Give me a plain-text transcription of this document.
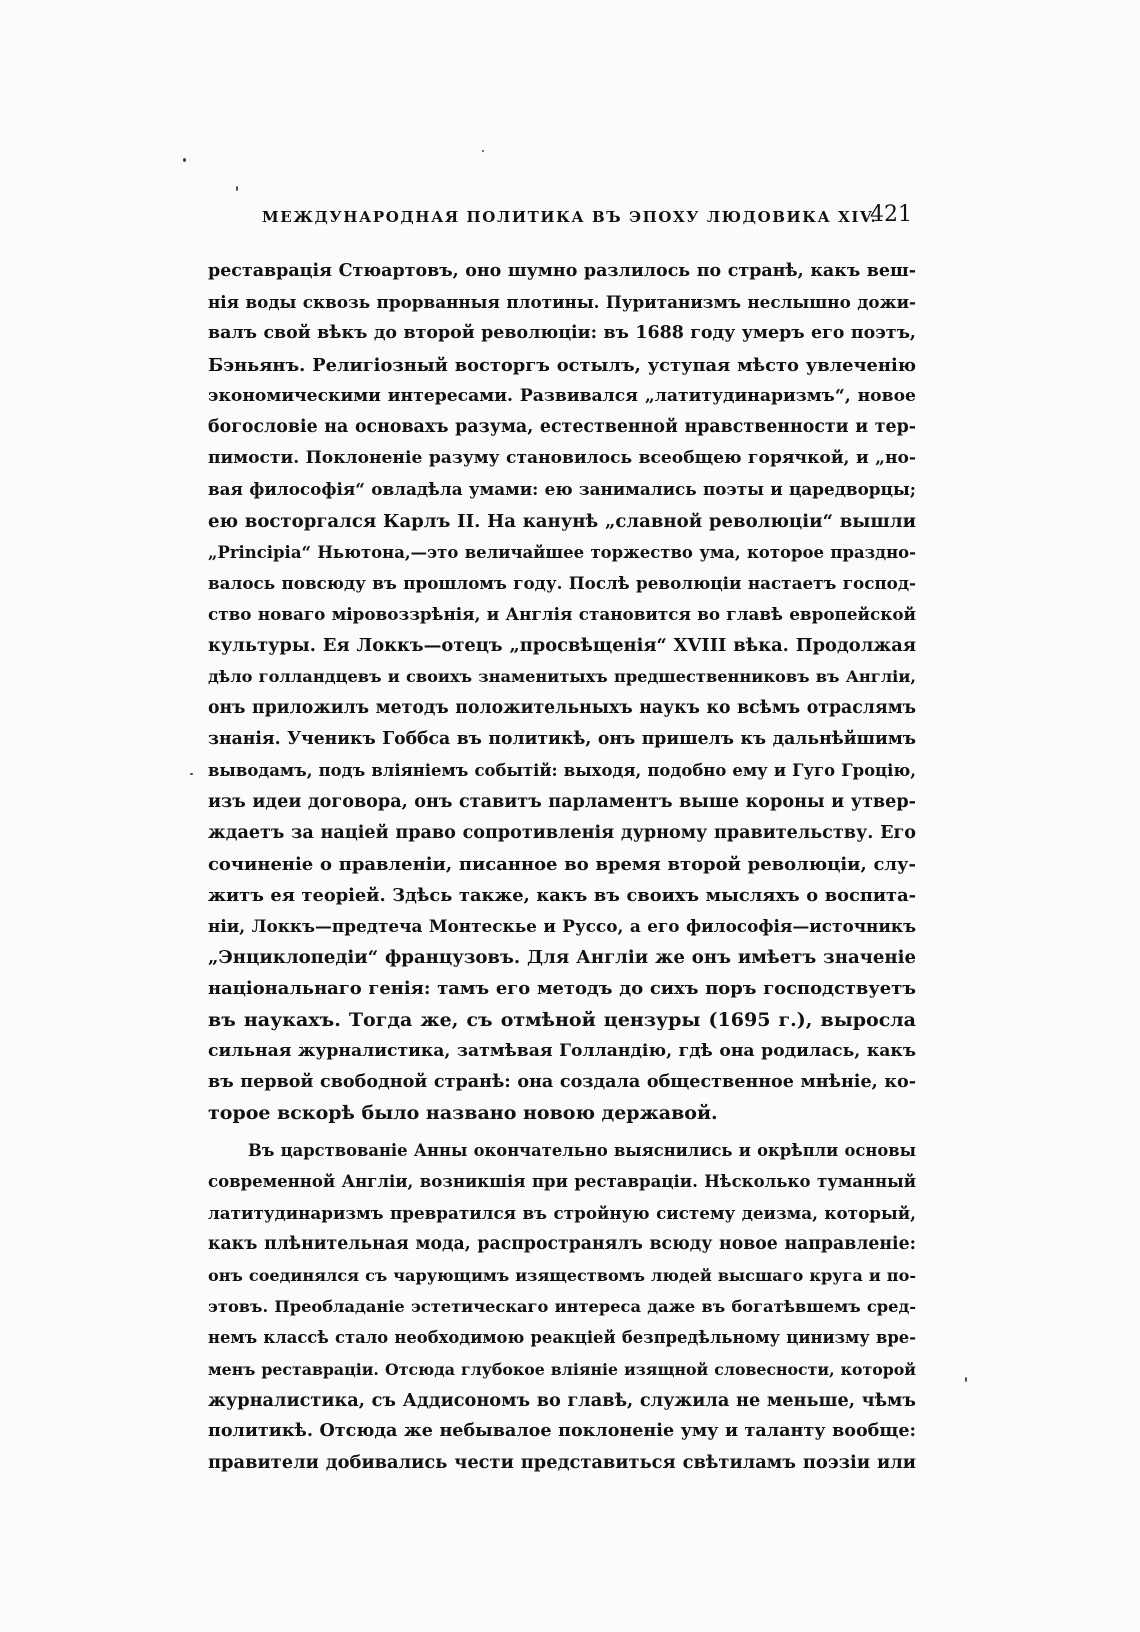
МЕЖДУНАРОДНАЯ ПОЛИТИКА ВЪ ЭПОХУ ЛЮДОВИКА XIV.
421
реставрація Стюартовъ, оно шумно разлилось по странѣ, какъ веш-
нія воды сквозь прорванныя плотины. Пуританизмъ неслышно дожи-
валъ свой вѣкъ до второй революціи: въ 1688 году умеръ его поэтъ,
Бэньянъ. Религіозный восторгъ остылъ, уступая мѣсто увлеченію
экономическими интересами. Развивался „латитудинаризмъ“, новое
богословіе на основахъ разума, естественной нравственности и тер-
пимости. Поклоненіе разуму становилось всеобщею горячкой, и „но-
вая философія“ овладѣла умами: ею занимались поэты и царедворцы;
ею восторгался Карлъ II. На канунѣ „славной революціи“ вышли
„Principia“ Ньютона,—это величайшее торжество ума, которое праздно-
валось повсюду въ прошломъ году. Послѣ революціи настаетъ господ-
ство новаго міровоззрѣнія, и Англія становится во главѣ европейской
культуры. Ея Локкъ—отецъ „просвѣщенія“ XVIII вѣка. Продолжая
дѣло голландцевъ и своихъ знаменитыхъ предшественниковъ въ Англіи,
онъ приложилъ методъ положительныхъ наукъ ко всѣмъ отраслямъ
знанія. Ученикъ Гоббса въ политикѣ, онъ пришелъ къ дальнѣйшимъ
выводамъ, подъ вліяніемъ событій: выходя, подобно ему и Гуго Гроцію,
изъ идеи договора, онъ ставитъ парламентъ выше короны и утвер-
ждаетъ за націей право сопротивленія дурному правительству. Его
сочиненіе о правленіи, писанное во время второй революціи, слу-
житъ ея теоріей. Здѣсь также, какъ въ своихъ мысляхъ о воспита-
ніи, Локкъ—предтеча Монтескье и Руссо, а его философія—источникъ
„Энциклопедіи“ французовъ. Для Англіи же онъ имѣетъ значеніе
національнаго генія: тамъ его методъ до сихъ поръ господствуетъ
въ наукахъ. Тогда же, съ отмѣной цензуры (1695 г.), выросла
сильная журналистика, затмѣвая Голландію, гдѣ она родилась, какъ
въ первой свободной странѣ: она создала общественное мнѣніе, ко-
торое вскорѣ было названо новою державой.
Въ царствованіе Анны окончательно выяснились и окрѣпли основы
современной Англіи, возникшія при реставраціи. Нѣсколько туманный
латитудинаризмъ превратился въ стройную систему деизма, который,
какъ плѣнительная мода, распространялъ всюду новое направленіе:
онъ соединялся съ чарующимъ изяществомъ людей высшаго круга и по-
этовъ. Преобладаніе эстетическаго интереса даже въ богатѣвшемъ сред-
немъ классѣ стало необходимою реакціей безпредѣльному цинизму вре-
менъ реставраціи. Отсюда глубокое вліяніе изящной словесности, которой
журналистика, съ Аддисономъ во главѣ, служила не меньше, чѣмъ
политикѣ. Отсюда же небывалое поклоненіе уму и таланту вообще:
правители добивались чести представиться свѣтиламъ поэзіи или
